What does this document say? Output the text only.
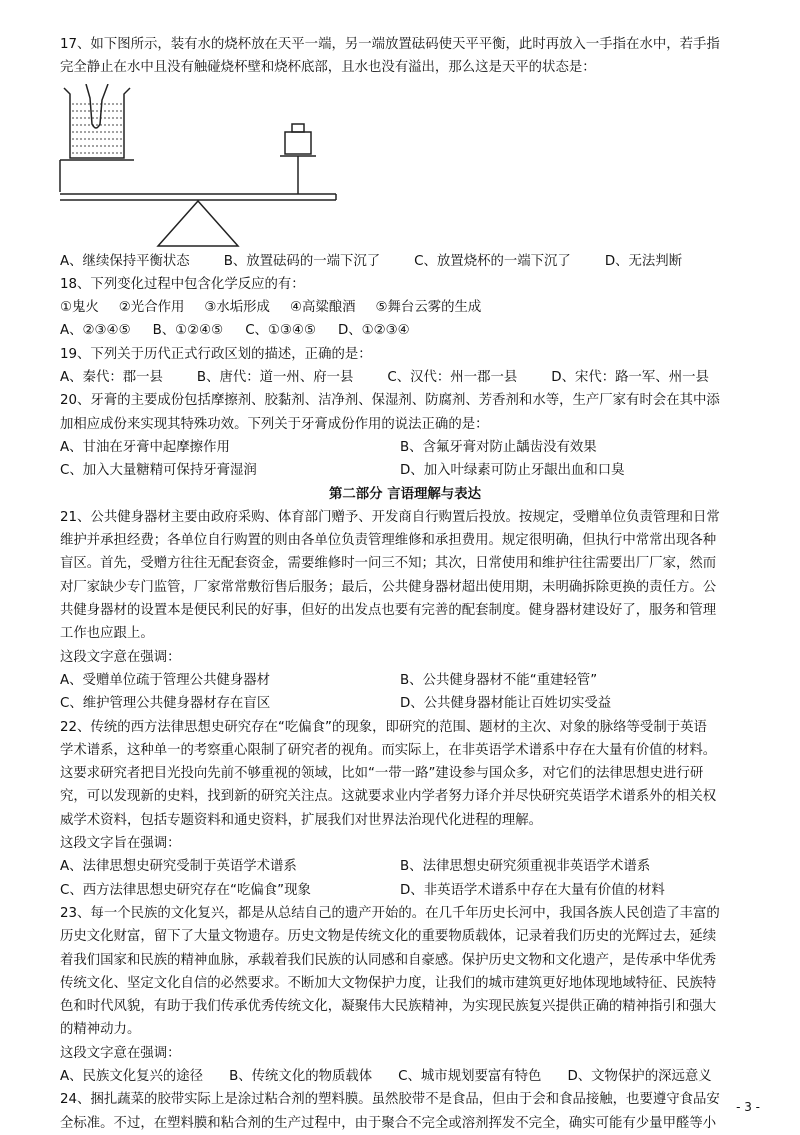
17、如下图所示，装有水的烧杯放在天平一端，另一端放置砝码使天平平衡，此时再放入一手指在水中，若手指

完全静止在水中且没有触碰烧杯壁和烧杯底部，且水也没有溢出，那么这是天平的状态是：

A、继续保持平衡状态	B、放置砝码的一端下沉了	C、放置烧杯的一端下沉了	D、无法判断

18、下列变化过程中包含化学反应的有：

①鬼火 ②光合作用 ③水垢形成 ④高粱酿酒 ⑤舞台云雾的生成
A、②③④⑤ B、①②④⑤ C、①③④⑤ D、①②③④

19、下列关于历代正式行政区划的描述，正确的是：

A、秦代：郡一县	B、唐代：道一州、府一县	C、汉代：州一郡一县	D、宋代：路一军、州一县

20、牙膏的主要成份包括摩擦剂、胶黏剂、洁净剂、保湿剂、防腐剂、芳香剂和水等，生产厂家有时会在其中添

加相应成份来实现其特殊功效。下列关于牙膏成份作用的说法正确的是：

A、甘油在牙膏中起摩擦作用	B、含氟牙膏对防止龋齿没有效果
C、加入大量糖精可保持牙膏湿润	D、加入叶绿素可防止牙龈出血和口臭

第二部分 言语理解与表达

21、公共健身器材主要由政府采购、体育部门赠予、开发商自行购置后投放。按规定，受赠单位负责管理和日常

维护并承担经费；各单位自行购置的则由各单位负责管理维修和承担费用。规定很明确，但执行中常常出现各种

盲区。首先，受赠方往往无配套资金，需要维修时一问三不知；其次，日常使用和维护往往需要出厂厂家，然而

对厂家缺少专门监管，厂家常常敷衍售后服务；最后，公共健身器材超出使用期，未明确拆除更换的责任方。公

共健身器材的设置本是便民利民的好事，但好的出发点也要有完善的配套制度。健身器材建设好了，服务和管理

工作也应跟上。

这段文字意在强调：

A、受赠单位疏于管理公共健身器材	B、公共健身器材不能“重建轻管”
C、维护管理公共健身器材存在盲区	D、公共健身器材能让百姓切实受益

22、传统的西方法律思想史研究存在“吃偏食”的现象，即研究的范围、题材的主次、对象的脉络等受制于英语

学术谱系，这种单一的考察重心限制了研究者的视角。而实际上，在非英语学术谱系中存在大量有价值的材料。

这要求研究者把目光投向先前不够重视的领域，比如“一带一路”建设参与国众多，对它们的法律思想史进行研

究，可以发现新的史料，找到新的研究关注点。这就要求业内学者努力译介并尽快研究英语学术谱系外的相关权

威学术资料，包括专题资料和通史资料，扩展我们对世界法治现代化进程的理解。

这段文字旨在强调：

A、法律思想史研究受制于英语学术谱系	B、法律思想史研究须重视非英语学术谱系
C、西方法律思想史研究存在“吃偏食”现象	D、非英语学术谱系中存在大量有价值的材料

23、每一个民族的文化复兴，都是从总结自己的遗产开始的。在几千年历史长河中，我国各族人民创造了丰富的

历史文化财富，留下了大量文物遗存。历史文物是传统文化的重要物质载体，记录着我们历史的光辉过去，延续

着我们国家和民族的精神血脉，承载着我们民族的认同感和自豪感。保护历史文物和文化遗产，是传承中华优秀

传统文化、坚定文化自信的必然要求。不断加大文物保护力度，让我们的城市建筑更好地体现地域特征、民族特

色和时代风貌，有助于我们传承优秀传统文化，凝聚伟大民族精神，为实现民族复兴提供正确的精神指引和强大

的精神动力。

这段文字意在强调：

A、民族文化复兴的途径 B、传统文化的物质载体 C、城市规划要富有特色 D、文物保护的深远意义

24、捆扎蔬菜的胶带实际上是涂过粘合剂的塑料膜。虽然胶带不是食品，但由于会和食品接触，也要遵守食品安

全标准。不过，在塑料膜和粘合剂的生产过程中，由于聚合不完全或溶剂挥发不完全，确实可能有少量甲醛等小

- 3 -
